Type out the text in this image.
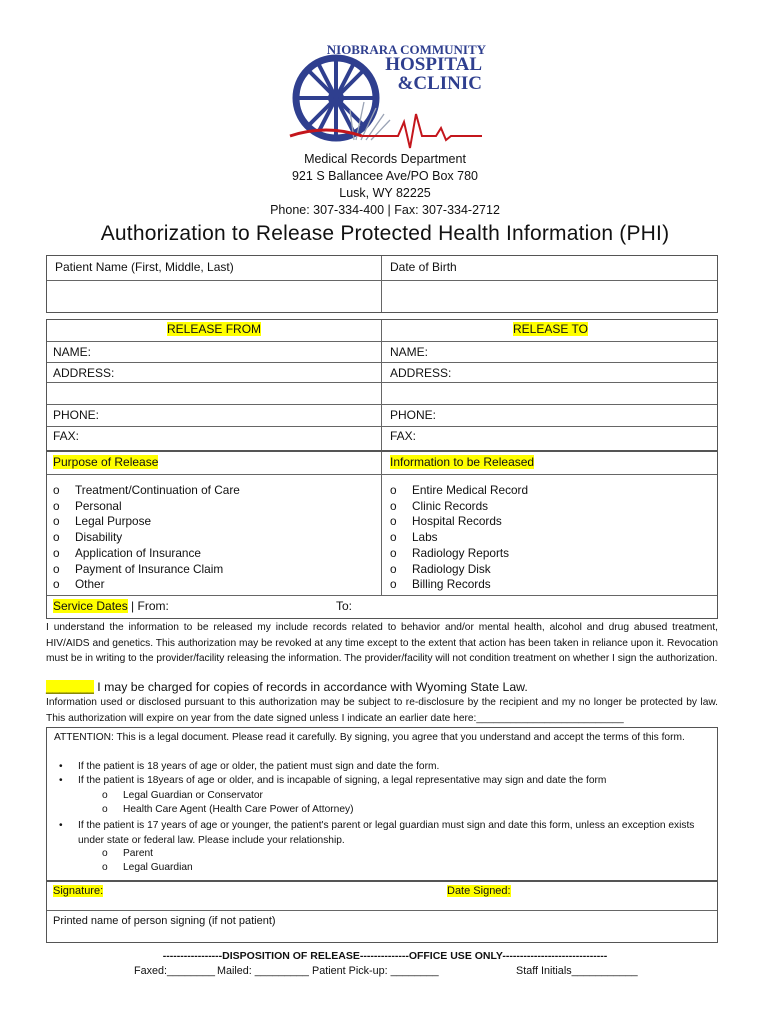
NIOBRARA COMMUNITY
HOSPITAL
&CLINIC
Medical Records Department
921 S Ballancee Ave/PO Box 780
Lusk, WY 82225
Phone: 307-334-400 | Fax: 307-334-2712
Authorization to Release Protected Health Information (PHI)
Patient Name (First, Middle, Last)	Date of Birth
RELEASE FROM	RELEASE TO
NAME:	NAME:
ADDRESS:	ADDRESS:
PHONE:	PHONE:
FAX:	FAX:
Purpose of Release	Information to be Released
o Treatment/Continuation of Care
o Personal
o Legal Purpose
o Disability
o Application of Insurance
o Payment of Insurance Claim
o Other
o Entire Medical Record
o Clinic Records
o Hospital Records
o Labs
o Radiology Reports
o Radiology Disk
o Billing Records
Service Dates | From:	To:
I understand the information to be released my include records related to behavior and/or mental health, alcohol and drug abused treatment, HIV/AIDS and genetics. This authorization may be revoked at any time except to the extent that action has been taken in reliance upon it. Revocation must be in writing to the provider/facility releasing the information. The provider/facility will not condition treatment on whether I sign the authorization.
_______ I may be charged for copies of records in accordance with Wyoming State Law.
Information used or disclosed pursuant to this authorization may be subject to re-disclosure by the recipient and my no longer be protected by law. This authorization will expire on year from the date signed unless I indicate an earlier date here:__________________________
ATTENTION: This is a legal document. Please read it carefully. By signing, you agree that you understand and accept the terms of this form.
• If the patient is 18 years of age or older, the patient must sign and date the form.
• If the patient is 18years of age or older, and is incapable of signing, a legal representative may sign and date the form
o Legal Guardian or Conservator
o Health Care Agent (Health Care Power of Attorney)
• If the patient is 17 years of age or younger, the patient's parent or legal guardian must sign and date this form, unless an exception exists under state or federal law. Please include your relationship.
o Parent
o Legal Guardian
Signature:	Date Signed:
Printed name of person signing (if not patient)
-----------------DISPOSITION OF RELEASE--------------OFFICE USE ONLY------------------------------
Faxed:________ Mailed: _________ Patient Pick-up: ________	Staff Initials___________
